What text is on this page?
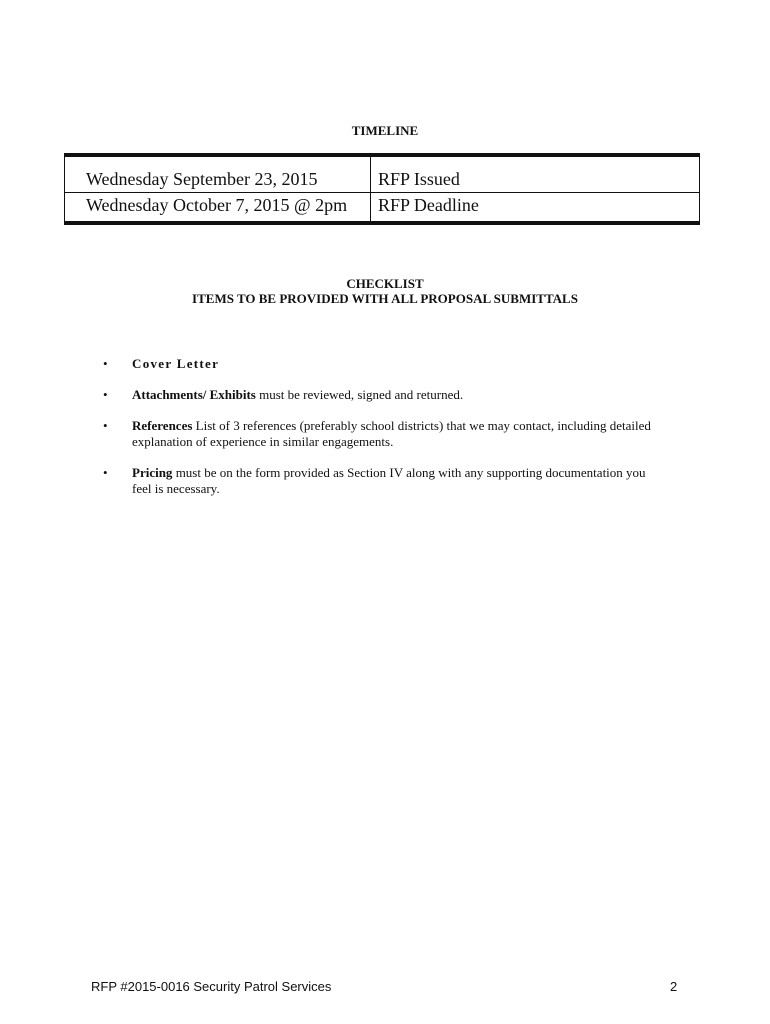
TIMELINE
Wednesday September 23, 2015	RFP Issued
Wednesday October 7, 2015 @ 2pm	RFP Deadline
CHECKLIST
ITEMS TO BE PROVIDED WITH ALL PROPOSAL SUBMITTALS
• Cover Letter
• Attachments/ Exhibits must be reviewed, signed and returned.
• References List of 3 references (preferably school districts) that we may contact, including detailed explanation of experience in similar engagements.
• Pricing must be on the form provided as Section IV along with any supporting documentation you feel is necessary.
RFP #2015-0016 Security Patrol Services	2
